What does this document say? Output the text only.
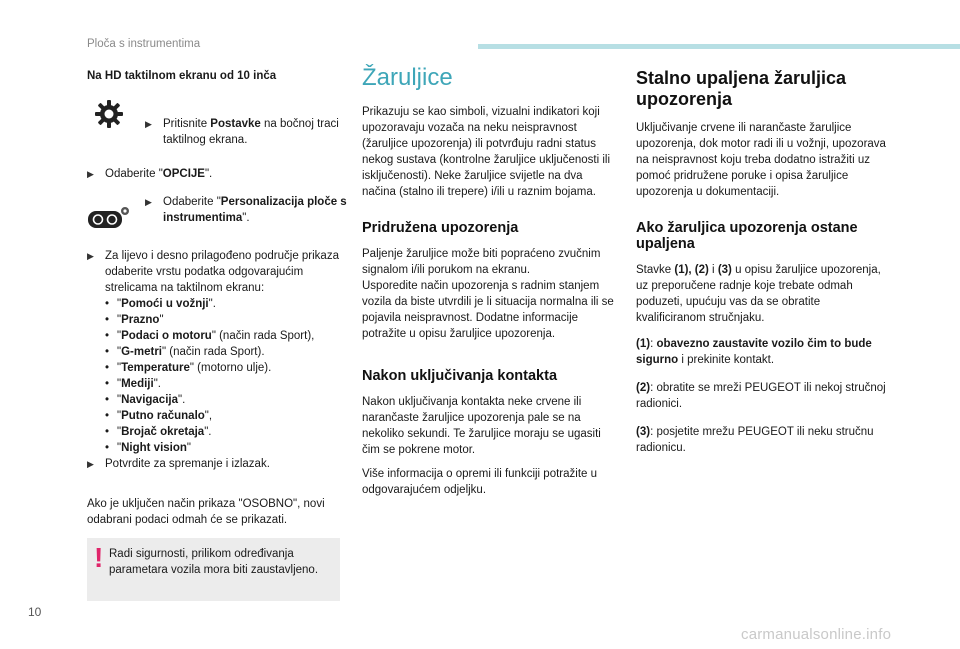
Ploča s instrumentima

Na HD taktilnom ekranu od 10 inča

▶ Pritisnite Postavke na bočnoj traci taktilnog ekrana.
▶ Odaberite "OPCIJE".
▶ Odaberite "Personalizacija ploče s instrumentima".
▶ Za lijevo i desno prilagođeno područje prikaza odaberite vrstu podatka odgovarajućim strelicama na taktilnom ekranu:
• "Pomoći u vožnji".
• "Prazno"
• "Podaci o motoru" (način rada Sport),
• "G-metri" (način rada Sport).
• "Temperature" (motorno ulje).
• "Mediji".
• "Navigacija".
• "Putno računalo",
• "Brojač okretaja".
• "Night vision"
▶ Potvrdite za spremanje i izlazak.

Ako je uključen način prikaza "OSOBNO", novi odabrani podaci odmah će se prikazati.

! Radi sigurnosti, prilikom određivanja parametara vozila mora biti zaustavljeno.
Žaruljice

Prikazuju se kao simboli, vizualni indikatori koji upozoravaju vozača na neku neispravnost (žaruljice upozorenja) ili potvrđuju radni status nekog sustava (kontrolne žaruljice uključenosti ili isključenosti). Neke žaruljice svijetle na dva načina (stalno ili trepere) i/ili u raznim bojama.

Pridružena upozorenja

Paljenje žaruljice može biti popraćeno zvučnim signalom i/ili porukom na ekranu.
Usporedite način upozorenja s radnim stanjem vozila da biste utvrdili je li situacija normalna ili se pojavila neispravnost. Dodatne informacije potražite u opisu žaruljice upozorenja.

Nakon uključivanja kontakta

Nakon uključivanja kontakta neke crvene ili narančaste žaruljice upozorenja pale se na nekoliko sekundi. Te žaruljice moraju se ugasiti čim se pokrene motor.

Više informacija o opremi ili funkciji potražite u odgovarajućem odjeljku.

Stalno upaljena žaruljica upozorenja

Uključivanje crvene ili narančaste žaruljice upozorenja, dok motor radi ili u vožnji, upozorava na neispravnost koju treba dodatno istražiti uz pomoć pridružene poruke i opisa žaruljice upozorenja u dokumentaciji.

Ako žaruljica upozorenja ostane upaljena

Stavke (1), (2) i (3) u opisu žaruljice upozorenja, uz preporučene radnje koje trebate odmah poduzeti, upućuju vas da se obratite kvalificiranom stručnjaku.

(1): obavezno zaustavite vozilo čim to bude sigurno i prekinite kontakt.

(2): obratite se mreži PEUGEOT ili nekoj stručnoj radionici.

(3): posjetite mrežu PEUGEOT ili neku stručnu radionicu.

10
carmanualsonline.info
